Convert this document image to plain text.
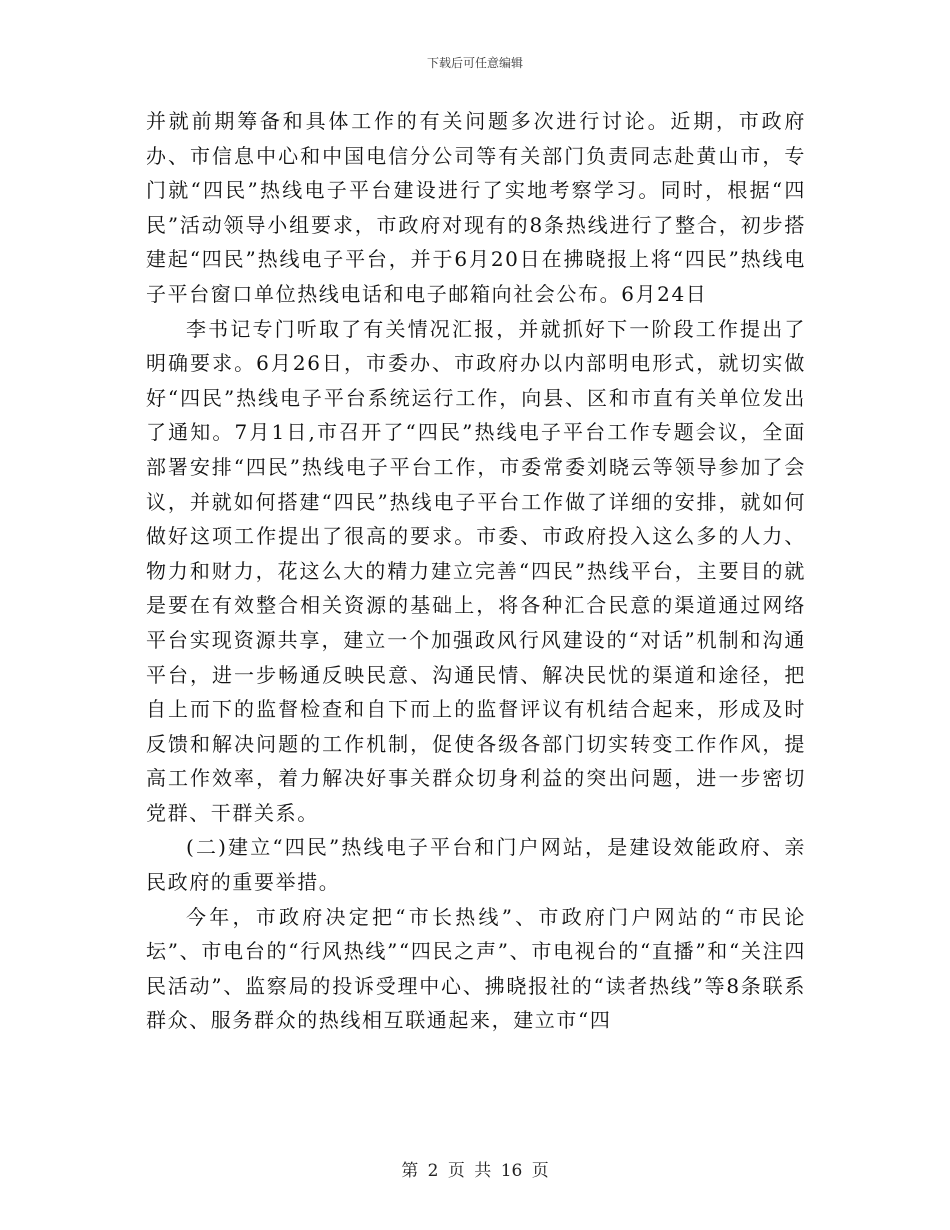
下载后可任意编辑

并就前期筹备和具体工作的有关问题多次进行讨论。近期，市政府办、市信息中心和中国电信分公司等有关部门负责同志赴黄山市，专门就“四民”热线电子平台建设进行了实地考察学习。同时，根据“四民”活动领导小组要求，市政府对现有的8条热线进行了整合，初步搭建起“四民”热线电子平台，并于6月20日在拂晓报上将“四民”热线电子平台窗口单位热线电话和电子邮箱向社会公布。6月24日

李书记专门听取了有关情况汇报，并就抓好下一阶段工作提出了明确要求。6月26日，市委办、市政府办以内部明电形式，就切实做好“四民”热线电子平台系统运行工作，向县、区和市直有关单位发出了通知。7月1日,市召开了“四民”热线电子平台工作专题会议，全面部署安排“四民”热线电子平台工作，市委常委刘晓云等领导参加了会议，并就如何搭建“四民”热线电子平台工作做了详细的安排，就如何做好这项工作提出了很高的要求。市委、市政府投入这么多的人力、物力和财力，花这么大的精力建立完善“四民”热线平台，主要目的就是要在有效整合相关资源的基础上，将各种汇合民意的渠道通过网络平台实现资源共享，建立一个加强政风行风建设的“对话”机制和沟通平台，进一步畅通反映民意、沟通民情、解决民忧的渠道和途径，把自上而下的监督检查和自下而上的监督评议有机结合起来，形成及时反馈和解决问题的工作机制，促使各级各部门切实转变工作作风，提高工作效率，着力解决好事关群众切身利益的突出问题，进一步密切党群、干群关系。

(二)建立“四民”热线电子平台和门户网站，是建设效能政府、亲民政府的重要举措。

今年，市政府决定把“市长热线”、市政府门户网站的“市民论坛”、市电台的“行风热线”“四民之声”、市电视台的“直播”和“关注四民活动”、监察局的投诉受理中心、拂晓报社的“读者热线”等8条联系群众、服务群众的热线相互联通起来，建立市“四

第 2 页 共 16 页
